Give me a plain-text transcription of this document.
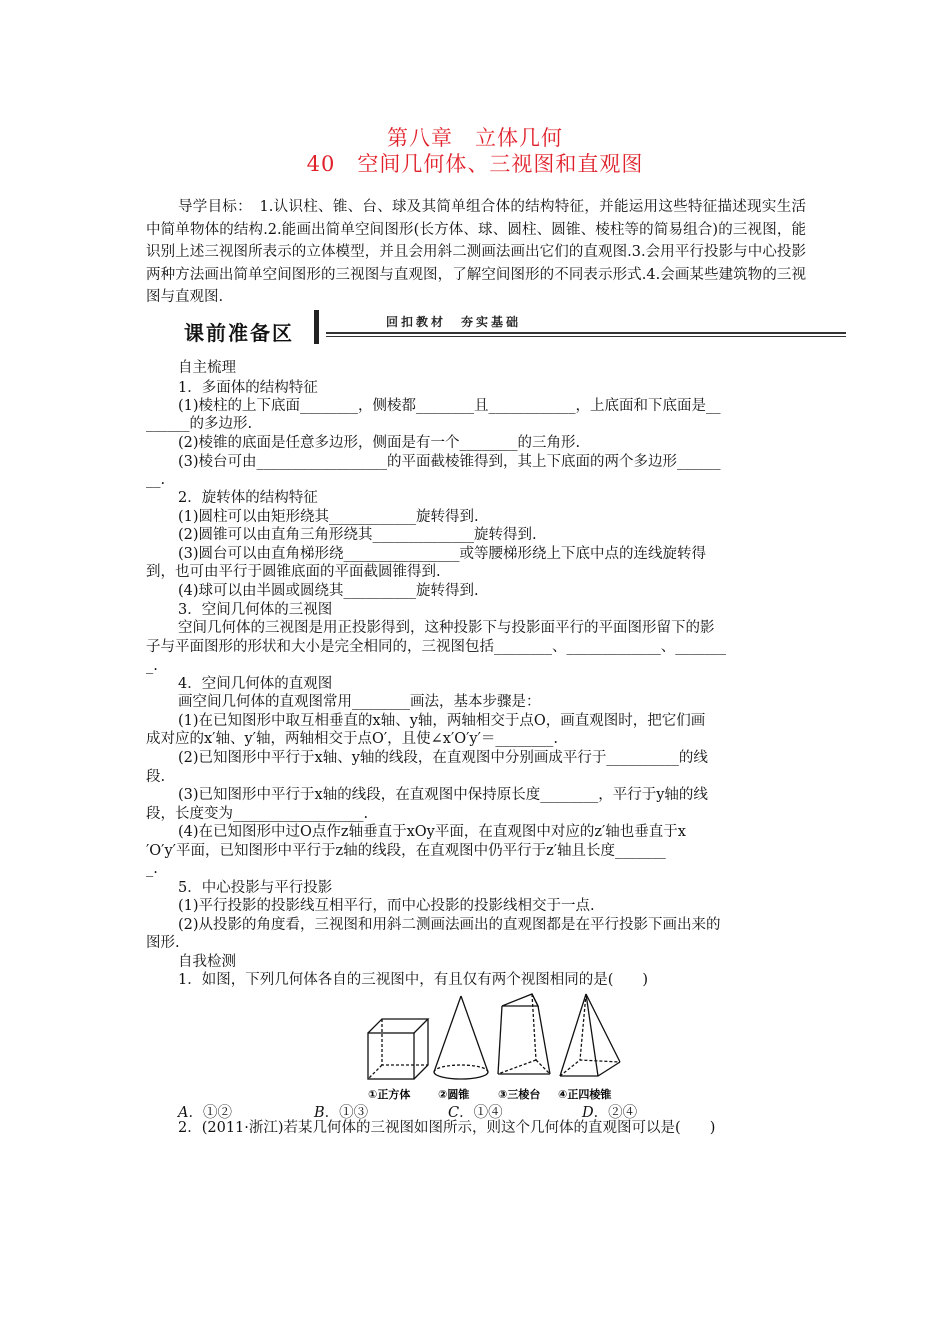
第八章　立体几何
40　空间几何体、三视图和直观图
导学目标：　1.认识柱、锥、台、球及其简单组合体的结构特征，并能运用这些特征描述现实生活中简单物体的结构.2.能画出简单空间图形(长方体、球、圆柱、圆锥、棱柱等的简易组合)的三视图，能识别上述三视图所表示的立体模型，并且会用斜二测画法画出它们的直观图.3.会用平行投影与中心投影两种方法画出简单空间图形的三视图与直观图，了解空间图形的不同表示形式.4.会画某些建筑物的三视图与直观图.
课前准备区	回扣教材　夯实基础
自主梳理
1．多面体的结构特征
(1)棱柱的上下底面________，侧棱都________且____________，上底面和下底面是__
______的多边形.
(2)棱锥的底面是任意多边形，侧面是有一个________的三角形.
(3)棱台可由__________________的平面截棱锥得到，其上下底面的两个多边形______
__.
2．旋转体的结构特征
(1)圆柱可以由矩形绕其____________旋转得到.
(2)圆锥可以由直角三角形绕其______________旋转得到.
(3)圆台可以由直角梯形绕________________或等腰梯形绕上下底中点的连线旋转得
到，也可由平行于圆锥底面的平面截圆锥得到.
(4)球可以由半圆或圆绕其__________旋转得到.
3．空间几何体的三视图
空间几何体的三视图是用正投影得到，这种投影下与投影面平行的平面图形留下的影
子与平面图形的形状和大小是完全相同的，三视图包括________、_____________、_______
_.
4．空间几何体的直观图
画空间几何体的直观图常用________画法，基本步骤是：
(1)在已知图形中取互相垂直的x轴、y轴，两轴相交于点O，画直观图时，把它们画
成对应的x′轴、y′轴，两轴相交于点O′，且使∠x′O′y′＝________.
(2)已知图形中平行于x轴、y轴的线段，在直观图中分别画成平行于__________的线
段.
(3)已知图形中平行于x轴的线段，在直观图中保持原长度________，平行于y轴的线
段，长度变为__________________.
(4)在已知图形中过O点作z轴垂直于xOy平面，在直观图中对应的z′轴也垂直于x
′O′y′平面，已知图形中平行于z轴的线段，在直观图中仍平行于z′轴且长度_______
_.
5．中心投影与平行投影
(1)平行投影的投影线互相平行，而中心投影的投影线相交于一点.
(2)从投影的角度看，三视图和用斜二测画法画出的直观图都是在平行投影下画出来的
图形.
自我检测
1．如图，下列几何体各自的三视图中，有且仅有两个视图相同的是(　　)
①正方体	②圆锥	③三棱台 ④正四棱锥
A．①②	B．①③	C．①④	D．②④
2．(2011·浙江)若某几何体的三视图如图所示，则这个几何体的直观图可以是(　　)
